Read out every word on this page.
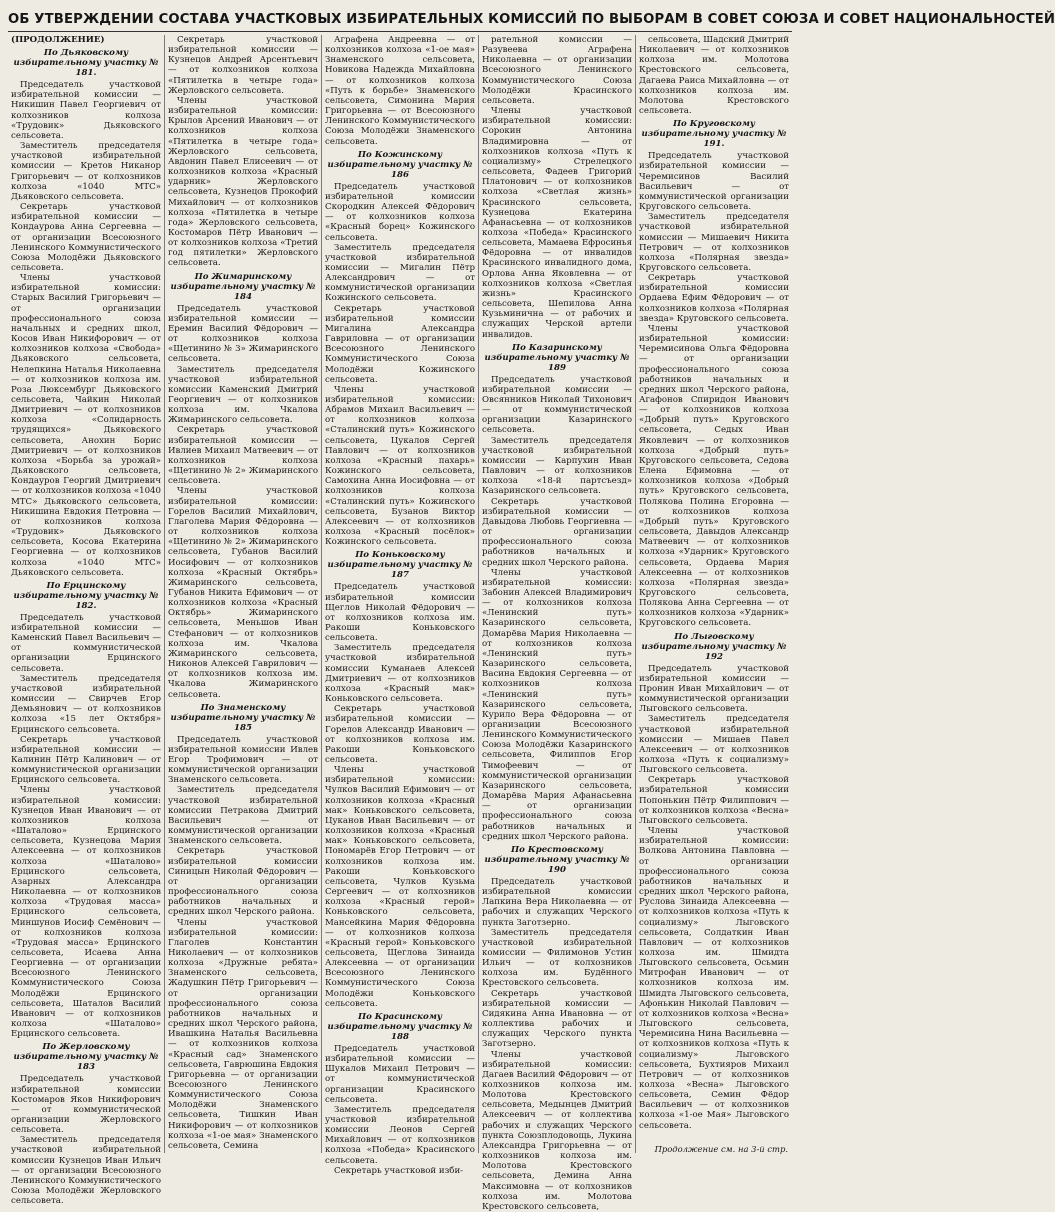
ОБ УТВЕРЖДЕНИИ СОСТАВА УЧАСТКОВЫХ ИЗБИРАТЕЛЬНЫХ КОМИССИЙ ПО ВЫБОРАМ В СОВЕТ СОЮЗА И СОВЕТ НАЦИОНАЛЬНОСТЕЙ

(ПРОДОЛЖЕНИЕ)

По Дьяковскому избирательному участку № 181.

Председатель участковой избирательной комиссии — Никишин Павел Георгиевич от колхозников колхоза «Трудовик» Дьяковского сельсовета.

Заместитель председателя участковой избирательной комиссии — Кретов Никанор Григорьевич — от колхозников колхоза «1040 МТС» Дьяковского сельсовета.

Секретарь участковой избирательной комиссии — Кондаурова Анна Сергеевна — от организации Всесоюзного Ленинского Коммунистического Союза Молодёжи Дьяковского сельсовета.

Члены участковой избирательной комиссии: Старых Василий Григорьевич — от организации профессионального союза начальных и средних школ, Косов Иван Никифорович — от колхозников колхоза «Свобода» Дьяковского сельсовета, Нелепкина Наталья Николаевна — от колхозников колхоза им. Роза Люксембург Дьяковского сельсовета, Чайкин Николай Дмитриевич — от колхозников колхоза «Солидарность трудящихся» Дьяковского сельсовета, Анохин Борис Дмитриевич — от колхозников колхоза «Борьба за урожай» Дьяковского сельсовета, Кондауров Георгий Дмитриевич — от колхозников колхоза «1040 МТС» Дьяковского сельсовета, Никишина Евдокия Петровна — от колхозников колхоза «Трудовик» Дьяковского сельсовета, Косова Екатерина Георгиевна — от колхозников колхоза «1040 МТС» Дьяковского сельсовета.

По Ерцинскому избирательному участку № 182.

Председатель участковой избирательной комиссии — Каменский Павел Васильевич — от коммунистической организации Ерцинского сельсовета.

Заместитель председателя участковой избирательной комиссии — Свирчев Егор Демьянович — от колхозников колхоза «15 лет Октября» Ерцинского сельсовета.

Секретарь участковой избирательной комиссии — Калинин Пётр Калинович — от коммунистической организации Ерцинского сельсовета.

Члены участковой избирательной комиссии: Кузнецов Иван Иванович — от колхозников колхоза «Шаталово» Ерцинского сельсовета, Кузнецова Мария Алексеевна — от колхозников колхоза «Шаталово» Ерцинского сельсовета, Азарных Александра Николаевна — от колхозников колхоза «Трудовая масса» Ерцинского сельсовета, Миншунов Иосиф Семёнович — от колхозников колхоза «Трудовая масса» Ерцинского сельсовета, Исаева Анна Георгиевна — от организации Всесоюзного Ленинского Коммунистического Союза Молодёжи Ерцинского сельсовета, Шаталов Василий Иванович — от колхозников колхоза «Шаталово» Ерцинского сельсовета.

По Жерловскому избирательному участку № 183

Председатель участковой избирательной комиссии Костомаров Яков Никифорович — от коммунистической организации Жерловского сельсовета.

Заместитель председателя участковой избирательной комиссии Кузнецов Иван Ильич — от организации Всесоюзного Ленинского Коммунистического Союза Молодёжи Жерловского сельсовета.

Секретарь участковой избирательной комиссии — Кузнецов Андрей Арсентьевич — от колхозников колхоза «Пятилетка в четыре года» Жерловского сельсовета.

Члены участковой избирательной комиссии: Крылов Арсений Иванович — от колхозников колхоза «Пятилетка в четыре года» Жерловского сельсовета, Авдонин Павел Елисеевич — от колхозников колхоза «Красный ударник» Жерловского сельсовета, Кузнецов Прокофий Михайлович — от колхозников колхоза «Пятилетка в четыре года» Жерловского сельсовета, Костомаров Пётр Иванович — от колхозников колхоза «Третий год пятилетки» Жерловского сельсовета.

По Жимаринскому избирательному участку № 184

Председатель участковой избирательной комиссии — Еремин Василий Фёдорович — от колхозников колхоза «Щетинино № 3» Жимаринского сельсовета.

Заместитель председателя участковой избирательной комиссии Каменский Дмитрий Георгиевич — от колхозников колхоза им. Чкалова Жимаринского сельсовета.

Секретарь участковой избирательной комиссии — Ивлиев Михаил Матвеевич — от колхозников колхоза «Щетинино № 2» Жимаринского сельсовета.

Члены участковой избирательной комиссии: Горелов Василий Михайлович, Глаголева Мария Фёдоровна — от колхозников колхоза «Щетинино № 2» Жимаринского сельсовета, Губанов Василий Иосифович — от колхозников колхоза «Красный Октябрь» Жимаринского сельсовета, Губанов Никита Ефимович — от колхозников колхоза «Красный Октябрь» Жимаринского сельсовета, Меньшов Иван Стефанович — от колхозников колхоза им. Чкалова Жимаринского сельсовета, Никонов Алексей Гаврилович — от колхозников колхоза им. Чкалова Жимаринского сельсовета.

По Знаменскому избирательному участку № 185

Председатель участковой избирательной комиссии Ивлев Егор Трофимович — от коммунистической организации Знаменского сельсовета.

Заместитель председателя участковой избирательной комиссии Петракова Дмитрий Васильевич — от коммунистической организации Знаменского сельсовета.

Секретарь участковой избирательной комиссии Синицын Николай Фёдорович — от организации профессионального союза работников начальных и средних школ Черского района.

Члены участковой избирательной комиссии: Глаголев Константин Николаевич — от колхозников колхоза «Дружные ребята» Знаменского сельсовета, Жадушкин Пётр Григорьевич — от организации профессионального союза работников начальных и средних школ Черского района, Ивашкина Наталья Васильевна — от колхозников колхоза «Красный сад» Знаменского сельсовета, Гаврюшина Евдокия Григорьевна — от организации Всесоюзного Ленинского Коммунистического Союза Молодёжи Знаменского сельсовета, Тишкин Иван Никифорович — от колхозников колхоза «1-ое мая» Знаменского сельсовета, Семина

Аграфена Андреевна — от колхозников колхоза «1-ое мая» Знаменского сельсовета, Новикова Надежда Михайловна — от колхозников колхоза «Путь к борьбе» Знаменского сельсовета, Симонина Мария Григорьевна — от Всесоюзного Ленинского Коммунистического Союза Молодёжи Знаменского сельсовета.

По Кожинскому избирательному участку № 186

Председатель участковой избирательной комиссии Скородкин Алексей Фёдорович — от колхозников колхоза «Красный борец» Кожинского сельсовета.

Заместитель председателя участковой избирательной комиссии — Мигалин Пётр Александрович — от коммунистической организации Кожинского сельсовета.

Секретарь участковой избирательной комиссии Мигалина Александра Гавриловна — от организации Всесоюзного Ленинского Коммунистического Союза Молодёжи Кожинского сельсовета.

Члены участковой избирательной комиссии: Абрамов Михаил Васильевич — от колхозников колхоза «Сталинский путь» Кожинского сельсовета, Цукалов Сергей Павлович — от колхозников колхоза «Красный пахарь» Кожинского сельсовета, Самохина Анна Иосифовна — от колхозников колхоза «Сталинский путь» Кожинского сельсовета, Бузанов Виктор Алексеевич — от колхозников колхоза «Красный посёлок» Кожинского сельсовета.

По Коньковскому избирательному участку № 187

Председатель участковой избирательной комиссии Щеглов Николай Фёдорович — от колхозников колхоза им. Ракоши Коньковского сельсовета.

Заместитель председателя участковой избирательной комиссии Куманаев Алексей Дмитриевич — от колхозников колхоза «Красный мак» Коньковского сельсовета.

Секретарь участковой избирательной комиссии — Горелов Александр Иванович — от колхозников колхоза им. Ракоши Коньковского сельсовета.

Члены участковой избирательной комиссии: Чулков Василий Ефимович — от колхозников колхоза «Красный мак» Коньковского сельсовета, Цуканов Иван Васильевич — от колхозников колхоза «Красный мак» Коньковского сельсовета, Пономарёв Егор Петрович — от колхозников колхоза им. Ракоши Коньковского сельсовета, Чулков Кузьма Сергеевич — от колхозников колхоза «Красный герой» Коньковского сельсовета, Мансейкина Мария Фёдоровна — от колхозников колхоза «Красный герой» Коньковского сельсовета, Щеглова Зинаида Алексеевна — от организации Всесоюзного Ленинского Коммунистического Союза Молодёжи Коньковского сельсовета.

По Красинскому избирательному участку № 188

Председатель участковой избирательной комиссии — Шукалов Михаил Петрович — от коммунистической организации Красинского сельсовета.

Заместитель председателя участковой избирательной комиссии Леонов Сергей Михайлович — от колхозников колхоза «Победа» Красинского сельсовета.

Секретарь участковой изби-

рательной комиссии — Разувеева Аграфена Николаевна — от организации Всесоюзного Ленинского Коммунистического Союза Молодёжи Красинского сельсовета.

Члены участковой избирательной комиссии: Сорокин Антонина Владимировна — от колхозников колхоза «Путь к социализму» Стрелецкого сельсовета, Фадеев Григорий Платонович — от колхозников колхоза «Светлая жизнь» Красинского сельсовета, Кузнецова Екатерина Афанасьевна — от колхозников колхоза «Победа» Красинского сельсовета, Мамаева Ефросинья Фёдоровна — от инвалидов Красинского инвалидного дома, Орлова Анна Яковлевна — от колхозников колхоза «Светлая жизнь» Красинского сельсовета, Шепилова Анна Кузьминична — от рабочих и служащих Черской артели инвалидов.

По Казаринскому избирательному участку № 189

Председатель участковой избирательной комиссии — Овсянников Николай Тихонович — от коммунистической организации Казаринского сельсовета.

Заместитель председателя участковой избирательной комиссии — Карпухин Иван Павлович — от колхозников колхоза «18-й партсъезд» Казаринского сельсовета.

Секретарь участковой избирательной комиссии — Давыдова Любовь Георгиевна — от организации профессионального союза работников начальных и средних школ Черского района.

Члены участковой избирательной комиссии: Забонин Алексей Владимирович — от колхозников колхоза «Ленинский путь» Казаринского сельсовета, Домарёва Мария Николаевна — от колхозников колхоза «Ленинский путь» Казаринского сельсовета, Васина Евдокия Сергеевна — от колхозников колхоза «Ленинский путь» Казаринского сельсовета, Курило Вера Фёдоровна — от организации Всесоюзного Ленинского Коммунистического Союза Молодёжи Казаринского сельсовета, Филиппов Егор Тимофеевич — от коммунистической организации Казаринского сельсовета, Домарёва Мария Афанасьевна — от организации профессионального союза работников начальных и средних школ Черского района.

По Крестовскому избирательному участку № 190

Председатель участковой избирательной комиссии Лапкина Вера Николаевна — от рабочих и служащих Черского пункта Заготзерно.

Заместитель председателя участковой избирательной комиссии — Филимонов Устин Ильич — от колхозников колхоза им. Будённого Крестовского сельсовета.

Секретарь участковой избирательной комиссии — Сидякина Анна Ивановна — от коллектива рабочих и служащих Черского пункта Заготзерно.

Члены участковой избирательной комиссии: Дагаев Василий Фёдорович — от колхозников колхоза им. Молотова Крестовского сельсовета, Медынцев Дмитрий Алексеевич — от коллектива рабочих и служащих Черского пункта Союзплодовощь, Лукина Александра Григорьевна — от колхозников колхоза им. Молотова Крестовского сельсовета, Демина Анна Максимовна — от колхозников колхоза им. Молотова Крестовского сельсовета,

сельсовета, Шадский Дмитрий Николаевич — от колхозников колхоза им. Молотова Крестовского сельсовета, Дагаева Раиса Михайловна — от колхозников колхоза им. Молотова Крестовского сельсовета.

По Круговскому избирательному участку № 191.

Председатель участковой избирательной комиссии — Черемисинов Василий Васильевич — от коммунистической организации Круговского сельсовета.

Заместитель председателя участковой избирательной комиссии — Мишаевич Никита Петрович — от колхозников колхоза «Полярная звезда» Круговского сельсовета.

Секретарь участковой избирательной комиссии Ордаева Ефим Фёдорович — от колхозников колхоза «Полярная звезда» Круговского сельсовета.

Члены участковой избирательной комиссии: Черемисинова Ольга Фёдоровна — от организации профессионального союза работников начальных и средних школ Черского района, Агафонов Спиридон Иванович — от колхозников колхоза «Добрый путь» Круговского сельсовета, Седых Иван Яковлевич — от колхозников колхоза «Добрый путь» Круговского сельсовета, Седова Елена Ефимовна — от колхозников колхоза «Добрый путь» Круговского сельсовета, Полякова Полина Егоровна — от колхозников колхоза «Добрый путь» Круговского сельсовета, Давыдов Александр Матвеевич — от колхозников колхоза «Ударник» Круговского сельсовета, Ордаева Мария Алексеевна — от колхозников колхоза «Полярная звезда» Круговского сельсовета, Полякова Анна Сергеевна — от колхозников колхоза «Ударник» Круговского сельсовета.

По Лыговскому избирательному участку № 192

Председатель участковой избирательной комиссии — Пронин Иван Михайлович — от коммунистической организации Лыговского сельсовета.

Заместитель председателя участковой избирательной комиссии — Мишаев Павел Алексеевич — от колхозников колхоза «Путь к социализму» Лыговского сельсовета.

Секретарь участковой избирательной комиссии Попонькин Пётр Филиппович — от колхозников колхоза «Весна» Лыговского сельсовета.

Члены участковой избирательной комиссии: Волкова Антонина Павловна — от организации профессионального союза работников начальных и средних школ Черского района, Руслова Зинаида Алексеевна — от колхозников колхоза «Путь к социализму» Лыговского сельсовета, Солдаткин Иван Павлович — от колхозников колхоза им. Шмидта Лыговского сельсовета, Осьмин Митрофан Иванович — от колхозников колхоза им. Шмидта Лыговского сельсовета, Афонькин Николай Павлович — от колхозников колхоза «Весна» Лыговского сельсовета, Черемисина Нина Васильевна — от колхозников колхоза «Путь к социализму» Лыговского сельсовета, Бухтияров Михаил Петрович — от колхозников колхоза «Весна» Лыговского сельсовета, Семин Фёдор Васильевич — от колхозников колхоза «1-ое Мая» Лыговского сельсовета.

Продолжение см. на 3-й стр.
